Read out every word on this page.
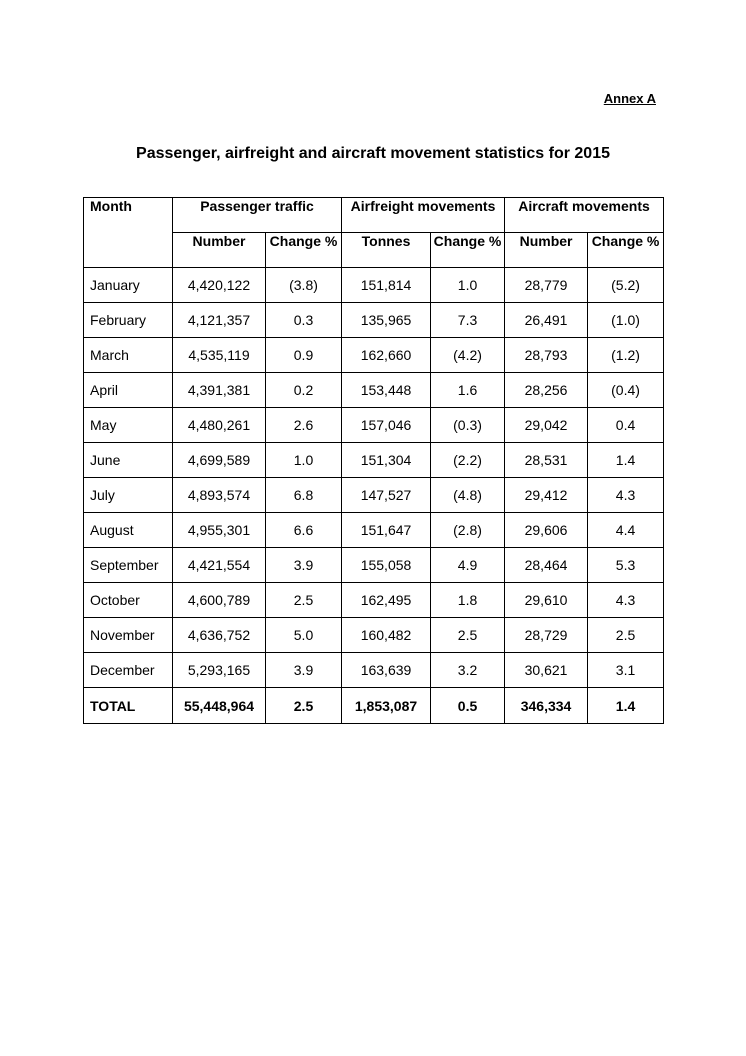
Annex A
Passenger, airfreight and aircraft movement statistics for 2015
Month	Passenger traffic		Airfreight movements		Aircraft movements	
	Number	Change %	Tonnes	Change %	Number	Change %
January	4,420,122	(3.8)	151,814	1.0	28,779	(5.2)
February	4,121,357	0.3	135,965	7.3	26,491	(1.0)
March	4,535,119	0.9	162,660	(4.2)	28,793	(1.2)
April	4,391,381	0.2	153,448	1.6	28,256	(0.4)
May	4,480,261	2.6	157,046	(0.3)	29,042	0.4
June	4,699,589	1.0	151,304	(2.2)	28,531	1.4
July	4,893,574	6.8	147,527	(4.8)	29,412	4.3
August	4,955,301	6.6	151,647	(2.8)	29,606	4.4
September	4,421,554	3.9	155,058	4.9	28,464	5.3
October	4,600,789	2.5	162,495	1.8	29,610	4.3
November	4,636,752	5.0	160,482	2.5	28,729	2.5
December	5,293,165	3.9	163,639	3.2	30,621	3.1
TOTAL	55,448,964	2.5	1,853,087	0.5	346,334	1.4
